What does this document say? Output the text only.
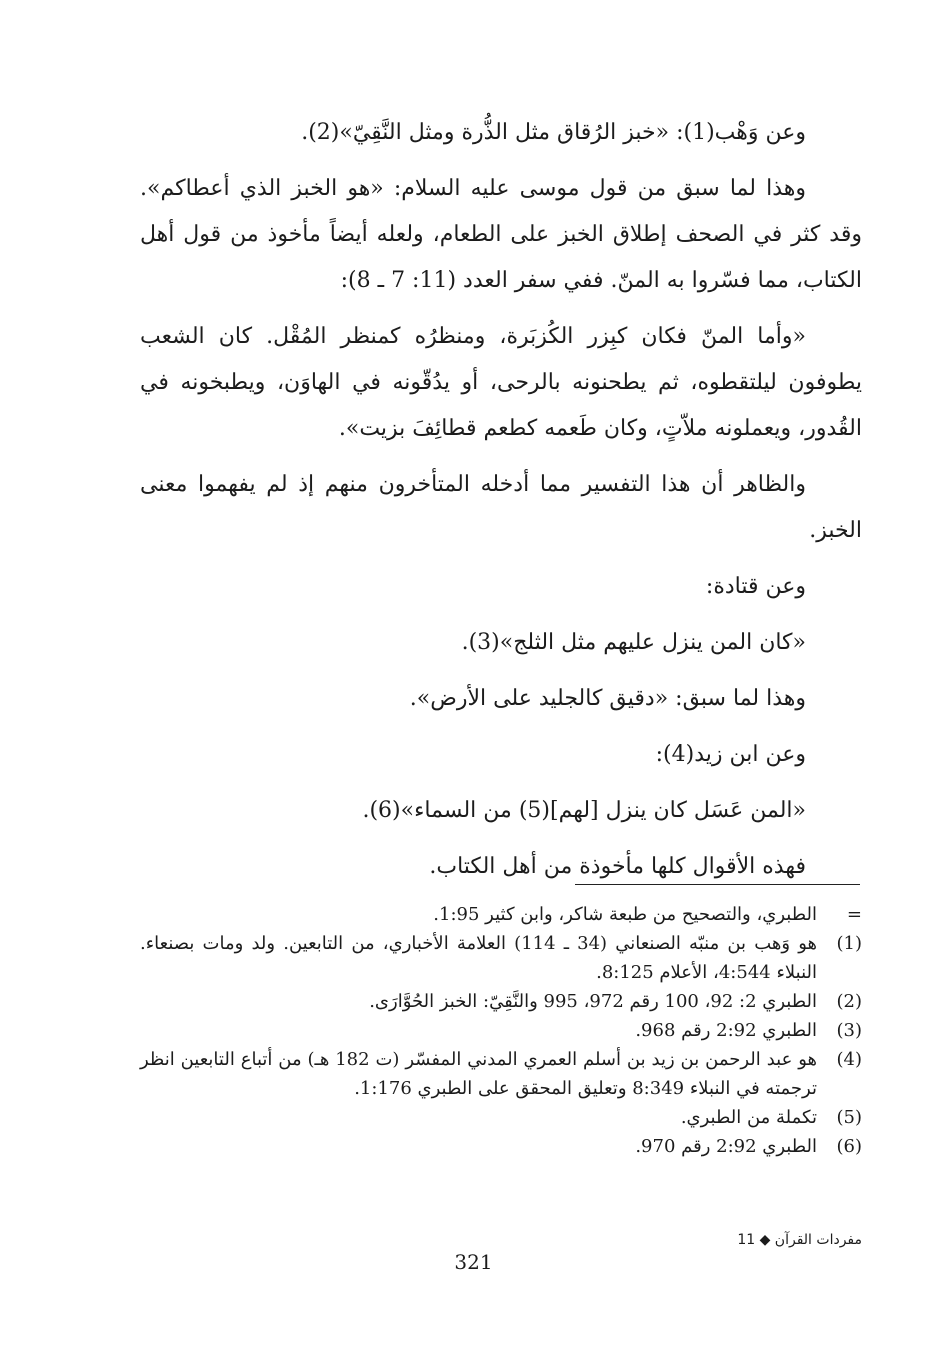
وعن وَهْب(1): «خبز الرُقاق مثل الذُّرة ومثل النَّقِيّ»(2).

وهذا لما سبق من قول موسى عليه السلام: «هو الخبز الذي أعطاكم». وقد كثر في الصحف إطلاق الخبز على الطعام، ولعله أيضاً مأخوذ من قول أهل الكتاب، مما فسّروا به المنّ. ففي سفر العدد (11: 7 ـ 8):

«وأما المنّ فكان كبِزر الكُزبَرة، ومنظرُه كمنظر المُقْل. كان الشعب يطوفون ليلتقطوه، ثم يطحنونه بالرحى، أو يدُقّونه في الهاوَن، ويطبخونه في القُدور، ويعملونه ملاّتٍ، وكان طَعمه كطعم قطائِفَ بزيت».

والظاهر أن هذا التفسير مما أدخله المتأخرون منهم إذ لم يفهموا معنى الخبز.

وعن قتادة:

«كان المن ينزل عليهم مثل الثلج»(3).

وهذا لما سبق: «دقيق كالجليد على الأرض».

وعن ابن زيد(4):

«المن عَسَل كان ينزل [لهم](5) من السماء»(6).

فهذه الأقوال كلها مأخوذة من أهل الكتاب.

=
الطبري، والتصحيح من طبعة شاكر، وابن كثير 1:95.
(1)
هو وَهب بن منبّه الصنعاني (34 ـ 114) العلامة الأخباري، من التابعين. ولد ومات بصنعاء. النبلاء 4:544، الأعلام 8:125.
(2)
الطبري 2: 92، 100 رقم 972، 995 والنَّقِيّ: الخبز الحُوَّارَى.
(3)
الطبري 2:92 رقم 968.
(4)
هو عبد الرحمن بن زيد بن أسلم العمري المدني المفسّر (ت 182 هـ) من أتباع التابعين انظر ترجمته في النبلاء 8:349 وتعليق المحقق على الطبري 1:176.
(5)
تكملة من الطبري.
(6)
الطبري 2:92 رقم 970.
مفردات القرآن ◆ 11
321
